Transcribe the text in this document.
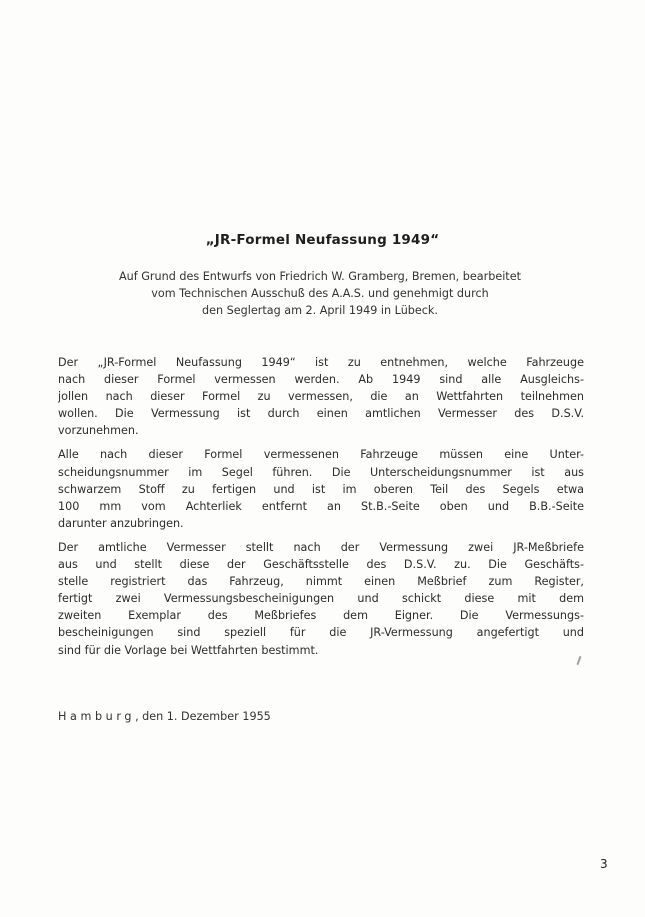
„JR-Formel Neufassung 1949“
Auf Grund des Entwurfs von Friedrich W. Gramberg, Bremen, bearbeitet
vom Technischen Ausschuß des A.A.S. und genehmigt durch
den Seglertag am 2. April 1949 in Lübeck.
Der „JR-Formel Neufassung 1949“ ist zu entnehmen, welche Fahrzeuge
nach dieser Formel vermessen werden. Ab 1949 sind alle Ausgleichs-
jollen nach dieser Formel zu vermessen, die an Wettfahrten teilnehmen
wollen. Die Vermessung ist durch einen amtlichen Vermesser des D.S.V.
vorzunehmen.
Alle nach dieser Formel vermessenen Fahrzeuge müssen eine Unter-
scheidungsnummer im Segel führen. Die Unterscheidungsnummer ist aus
schwarzem Stoff zu fertigen und ist im oberen Teil des Segels etwa
100 mm vom Achterliek entfernt an St.B.-Seite oben und B.B.-Seite
darunter anzubringen.
Der amtliche Vermesser stellt nach der Vermessung zwei JR-Meßbriefe
aus und stellt diese der Geschäftsstelle des D.S.V. zu. Die Geschäfts-
stelle registriert das Fahrzeug, nimmt einen Meßbrief zum Register,
fertigt zwei Vermessungsbescheinigungen und schickt diese mit dem
zweiten Exemplar des Meßbriefes dem Eigner. Die Vermessungs-
bescheinigungen sind speziell für die JR-Vermessung angefertigt und
sind für die Vorlage bei Wettfahrten bestimmt.
Hamburg, den 1. Dezember 1955
3
